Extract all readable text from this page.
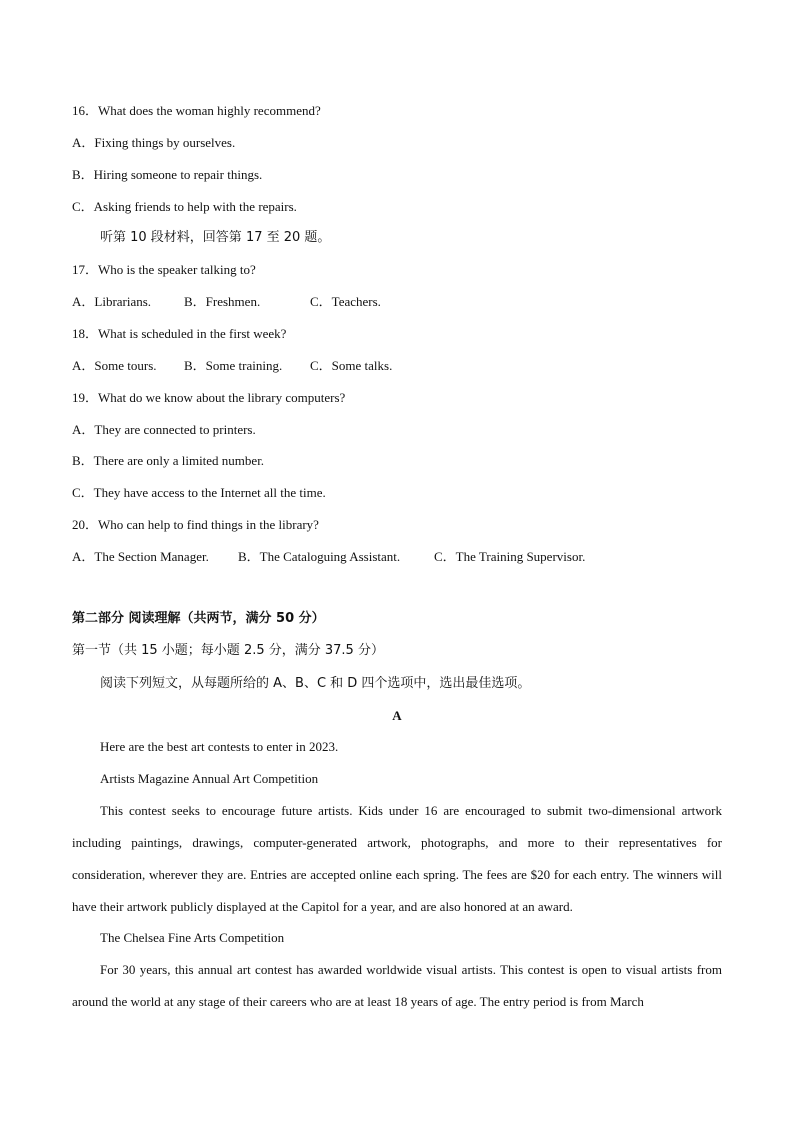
16．What does the woman highly recommend?
A．Fixing things by ourselves.
B．Hiring someone to repair things.
C．Asking friends to help with the repairs.
听第 10 段材料，回答第 17 至 20 题。
17．Who is the speaker talking to?
A．Librarians.	B．Freshmen.	C．Teachers.
18．What is scheduled in the first week?
A．Some tours. B．Some training. C．Some talks.
19．What do we know about the library computers?
A．They are connected to printers.
B．There are only a limited number.
C．They have access to the Internet all the time.
20．Who can help to find things in the library?
A．The Section Manager. B．The Cataloguing Assistant.	C．The Training Supervisor.
第二部分 阅读理解（共两节，满分 50 分）
第一节（共 15 小题；每小题 2.5 分，满分 37.5 分）
阅读下列短文，从每题所给的 A、B、C 和 D 四个选项中，选出最佳选项。
A
Here are the best art contests to enter in 2023.
Artists Magazine Annual Art Competition
This contest seeks to encourage future artists. Kids under 16 are encouraged to submit two-dimensional artwork including paintings, drawings, computer-generated artwork, photographs, and more to their representatives for consideration, wherever they are. Entries are accepted online each spring. The fees are $20 for each entry. The winners will have their artwork publicly displayed at the Capitol for a year, and are also honored at an award.
The Chelsea Fine Arts Competition
For 30 years, this annual art contest has awarded worldwide visual artists. This contest is open to visual artists from around the world at any stage of their careers who are at least 18 years of age. The entry period is from March
